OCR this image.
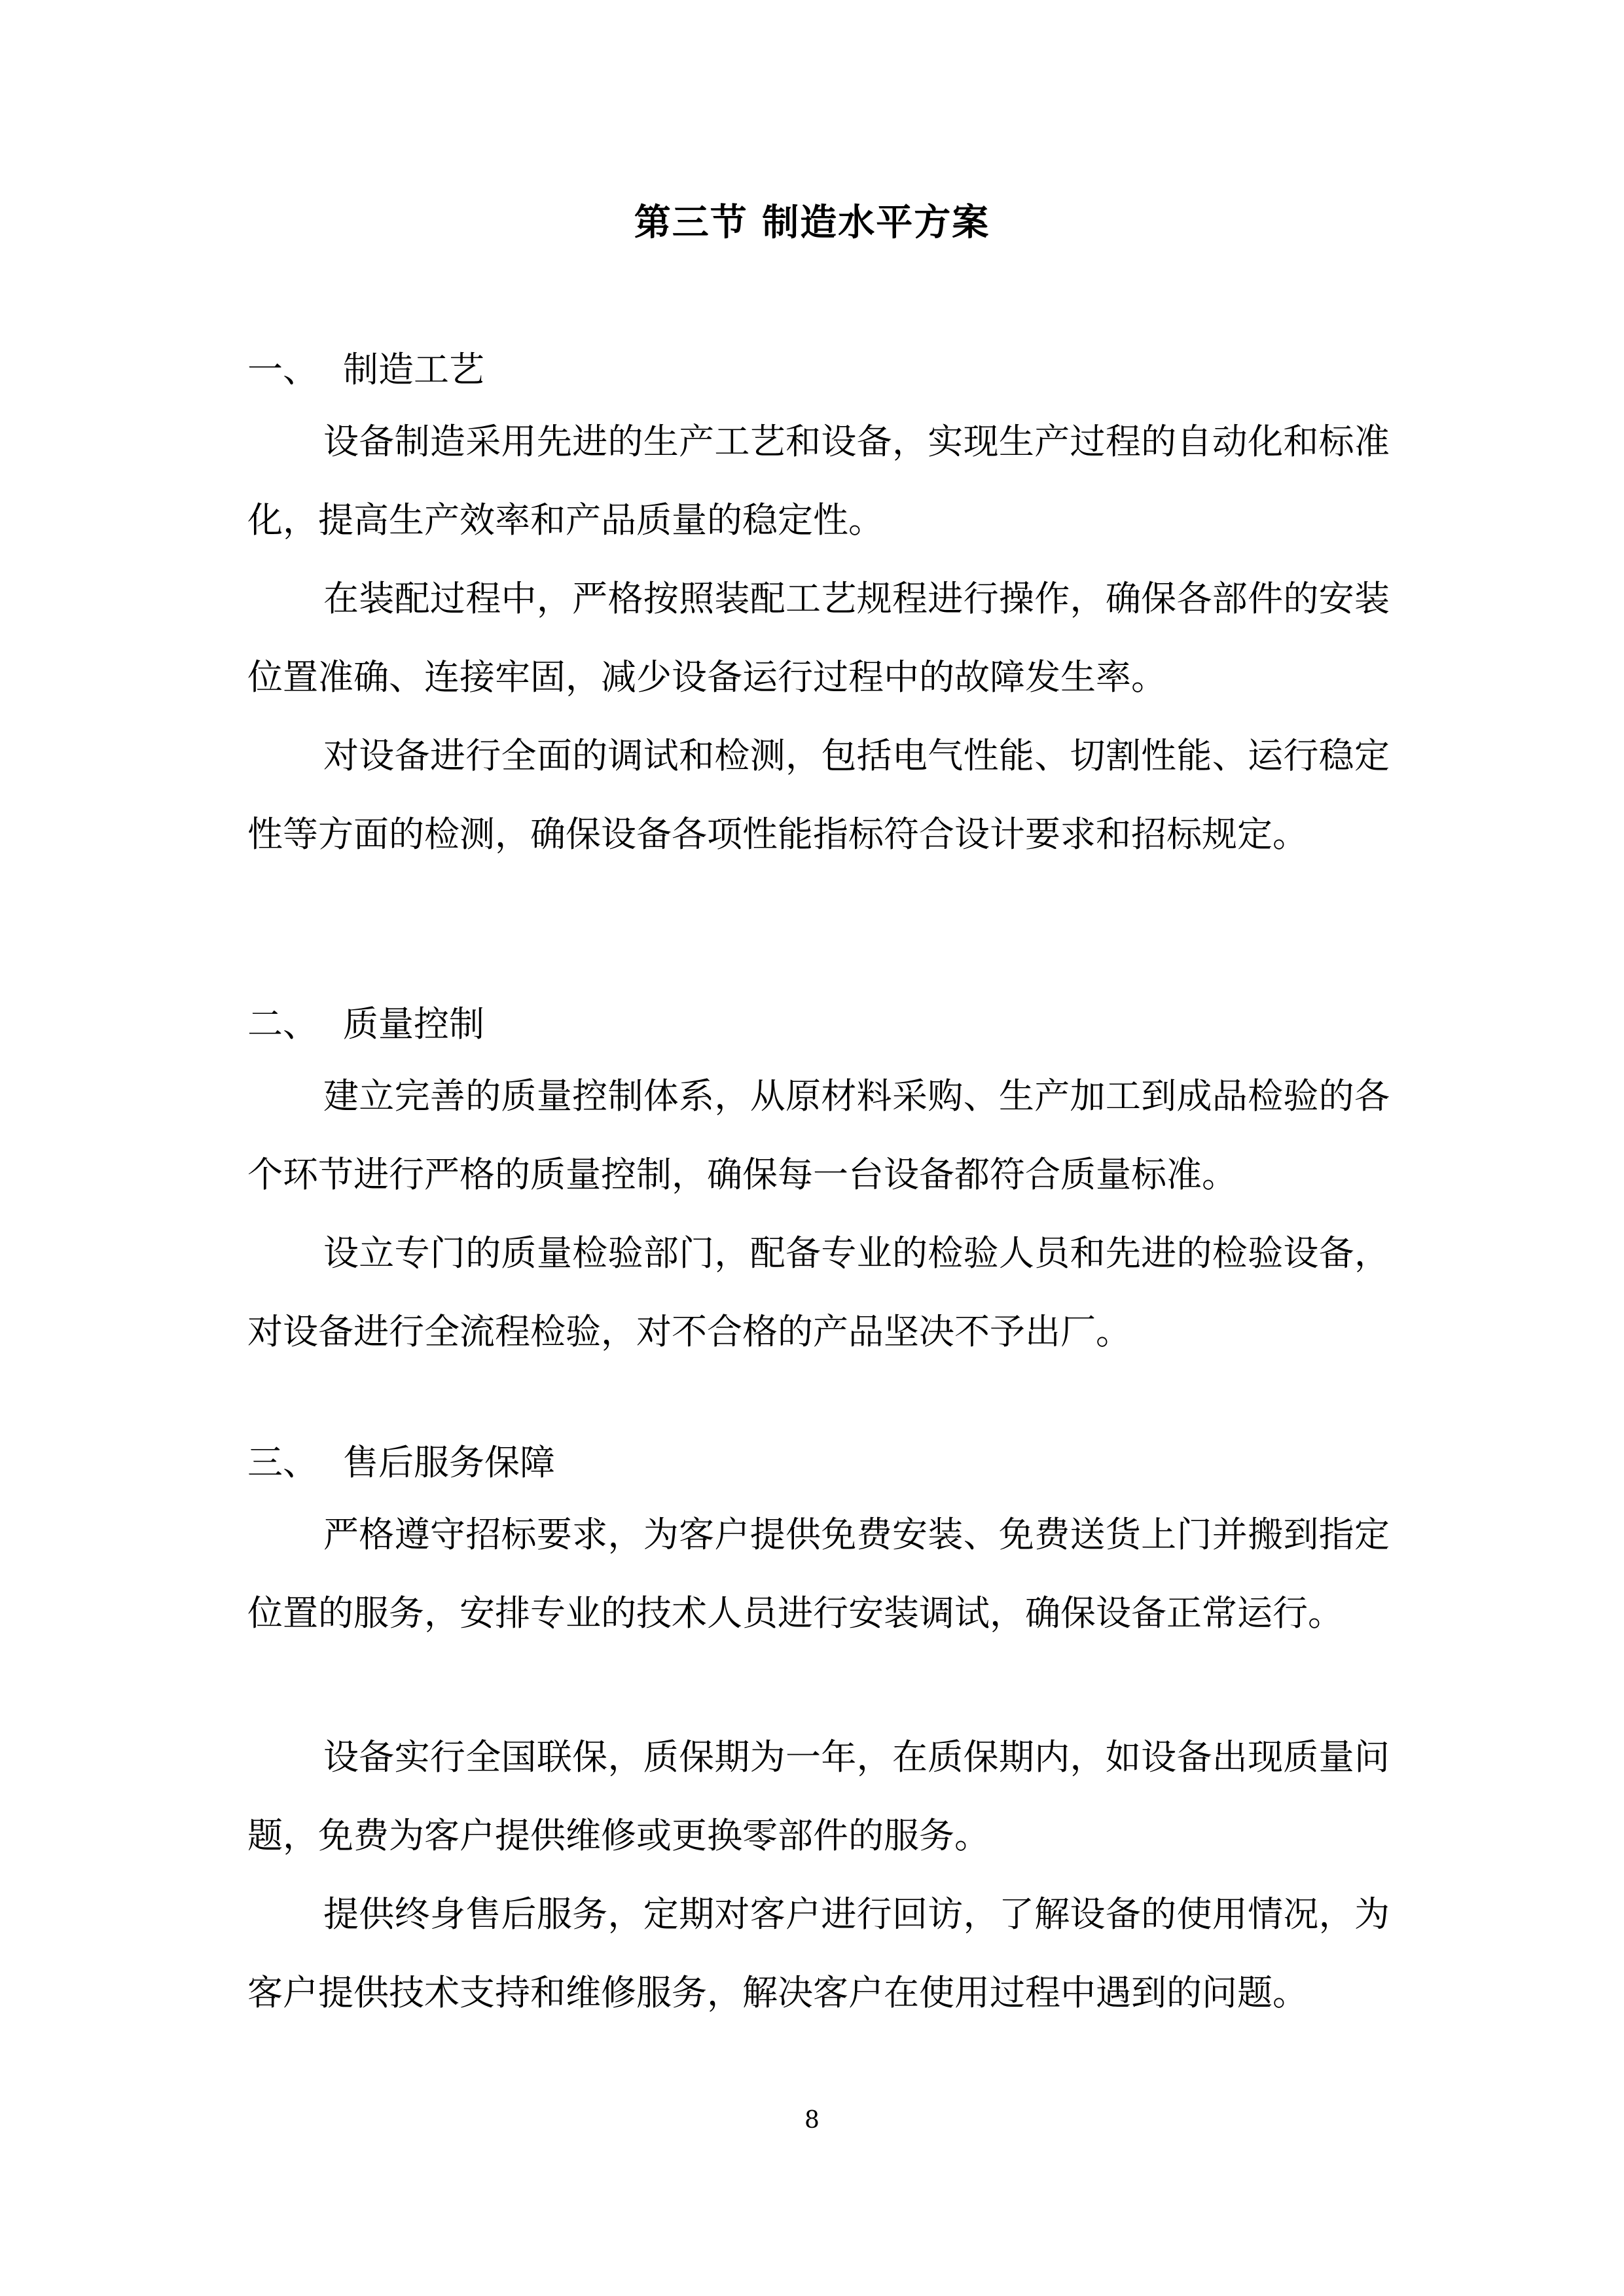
第三节 制造水平方案
一、 制造工艺

设备制造采用先进的生产工艺和设备，实现生产过程的自动化和标准化，提高生产效率和产品质量的稳定性。

在装配过程中，严格按照装配工艺规程进行操作，确保各部件的安装位置准确、连接牢固，减少设备运行过程中的故障发生率。

对设备进行全面的调试和检测，包括电气性能、切割性能、运行稳定性等方面的检测，确保设备各项性能指标符合设计要求和招标规定。

二、 质量控制

建立完善的质量控制体系，从原材料采购、生产加工到成品检验的各个环节进行严格的质量控制，确保每一台设备都符合质量标准。

设立专门的质量检验部门，配备专业的检验人员和先进的检验设备，对设备进行全流程检验，对不合格的产品坚决不予出厂。

三、 售后服务保障

严格遵守招标要求，为客户提供免费安装、免费送货上门并搬到指定位置的服务，安排专业的技术人员进行安装调试，确保设备正常运行。

设备实行全国联保，质保期为一年，在质保期内，如设备出现质量问题，免费为客户提供维修或更换零部件的服务。

提供终身售后服务，定期对客户进行回访，了解设备的使用情况，为客户提供技术支持和维修服务，解决客户在使用过程中遇到的问题。

8
